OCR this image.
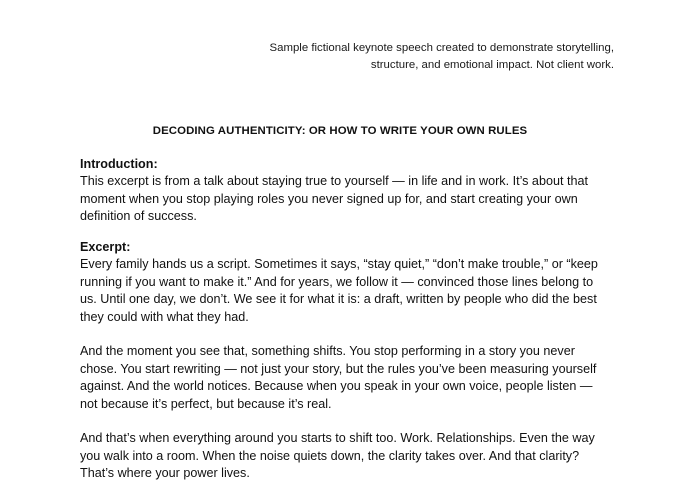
Sample fictional keynote speech created to demonstrate storytelling,
structure, and emotional impact. Not client work.
DECODING AUTHENTICITY: OR HOW TO WRITE YOUR OWN RULES
Introduction:
This excerpt is from a talk about staying true to yourself — in life and in work. It’s about that moment when you stop playing roles you never signed up for, and start creating your own definition of success.
Excerpt:
Every family hands us a script. Sometimes it says, “stay quiet,” “don’t make trouble,” or “keep running if you want to make it.” And for years, we follow it — convinced those lines belong to us. Until one day, we don’t. We see it for what it is: a draft, written by people who did the best they could with what they had.
And the moment you see that, something shifts. You stop performing in a story you never chose. You start rewriting — not just your story, but the rules you’ve been measuring yourself against. And the world notices. Because when you speak in your own voice, people listen — not because it’s perfect, but because it’s real.
And that’s when everything around you starts to shift too. Work. Relationships. Even the way you walk into a room. When the noise quiets down, the clarity takes over. And that clarity? That’s where your power lives.
